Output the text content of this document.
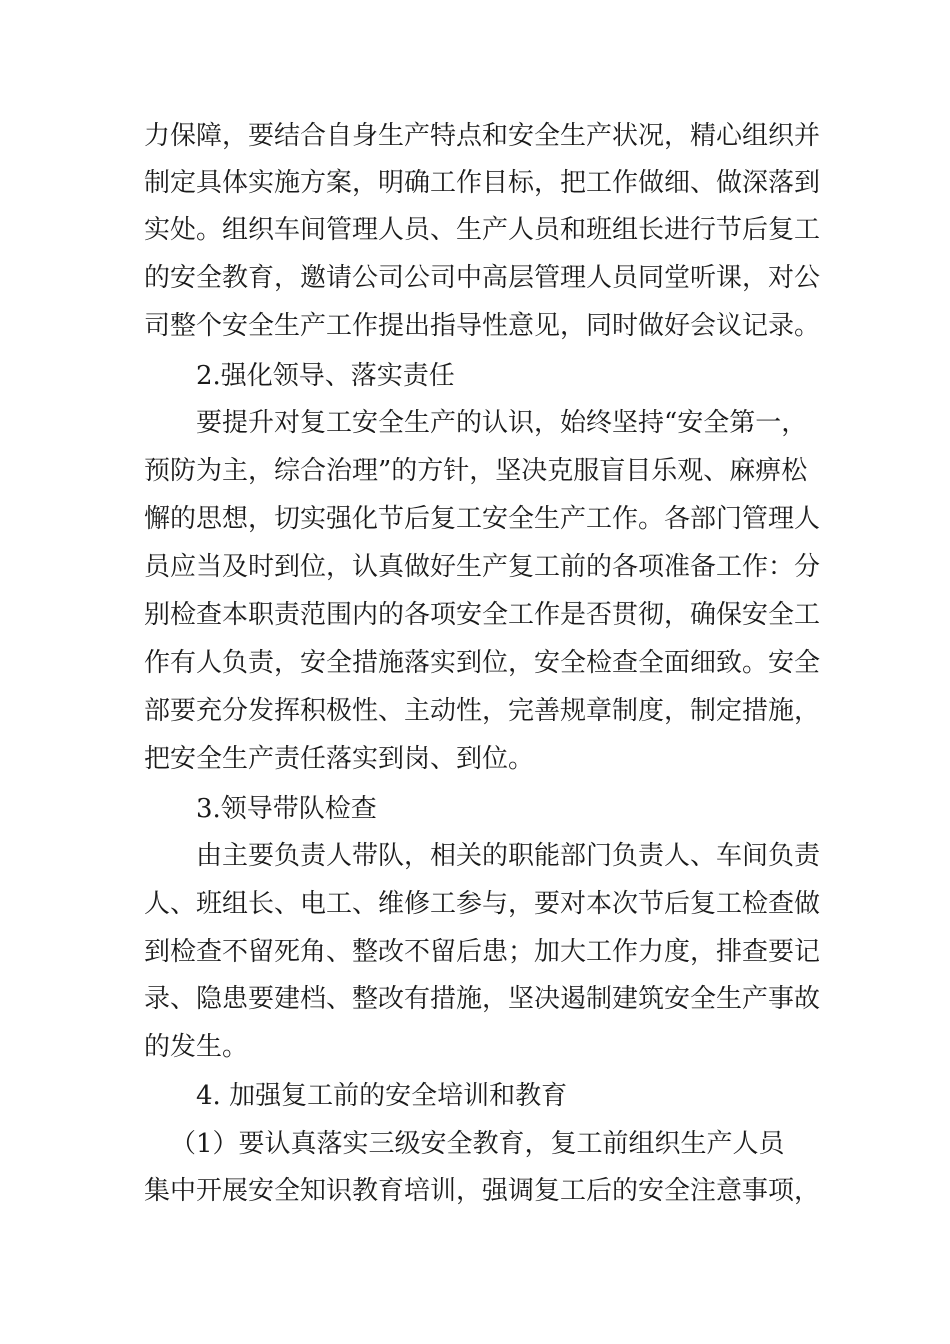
力保障，要结合自身生产特点和安全生产状况，精心组织并
制定具体实施方案，明确工作目标，把工作做细、做深落到
实处。组织车间管理人员、生产人员和班组长进行节后复工
的安全教育，邀请公司公司中高层管理人员同堂听课，对公
司整个安全生产工作提出指导性意见，同时做好会议记录。
2.强化领导、落实责任
要提升对复工安全生产的认识，始终坚持“安全第一，
预防为主，综合治理”的方针，坚决克服盲目乐观、麻痹松
懈的思想，切实强化节后复工安全生产工作。各部门管理人
员应当及时到位，认真做好生产复工前的各项准备工作：分
别检查本职责范围内的各项安全工作是否贯彻，确保安全工
作有人负责，安全措施落实到位，安全检查全面细致。安全
部要充分发挥积极性、主动性，完善规章制度，制定措施，
把安全生产责任落实到岗、到位。
3.领导带队检查
由主要负责人带队，相关的职能部门负责人、车间负责
人、班组长、电工、维修工参与，要对本次节后复工检查做
到检查不留死角、整改不留后患；加大工作力度，排查要记
录、隐患要建档、整改有措施，坚决遏制建筑安全生产事故
的发生。
4. 加强复工前的安全培训和教育
（1）要认真落实三级安全教育，复工前组织生产人员
集中开展安全知识教育培训，强调复工后的安全注意事项，
